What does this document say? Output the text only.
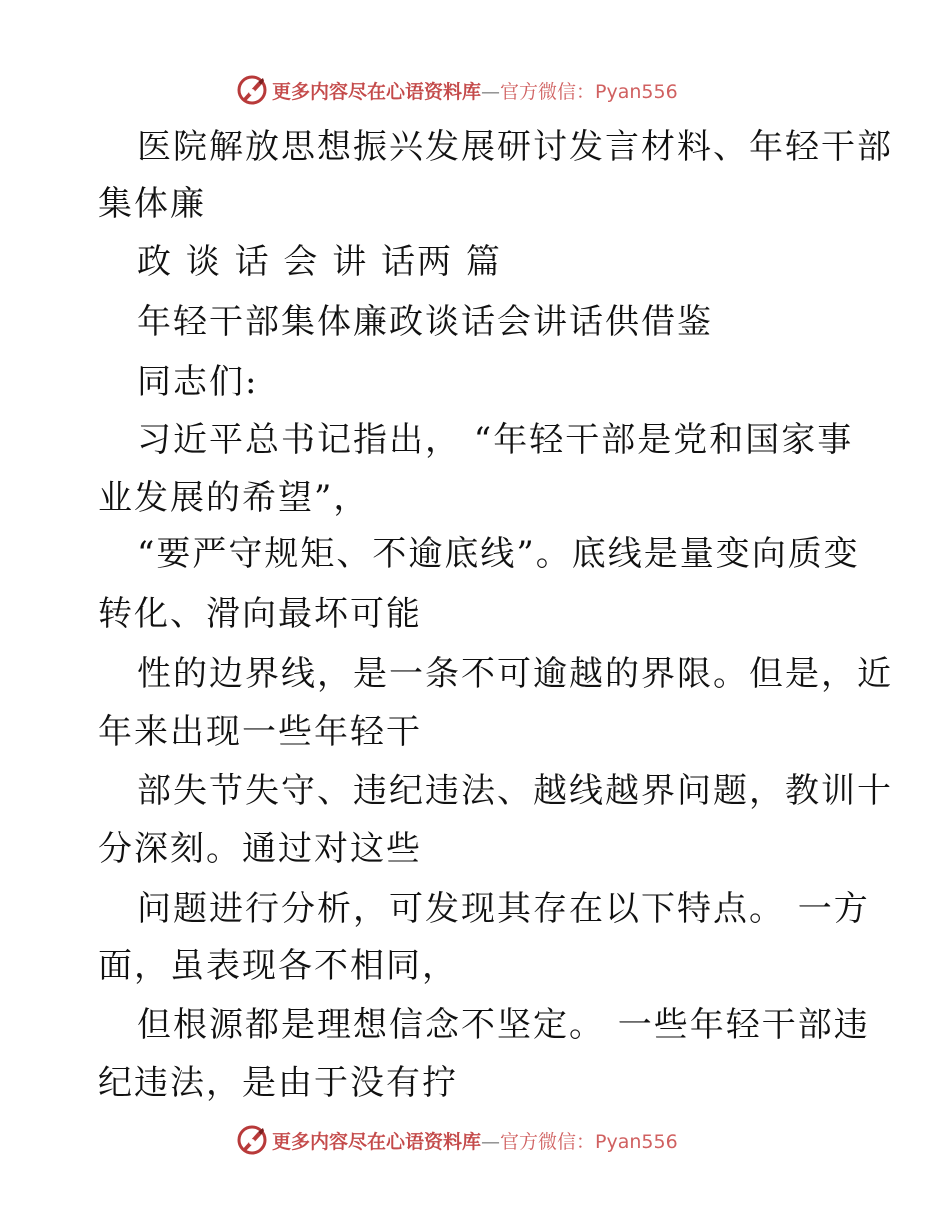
更多内容尽在心语资料库—官方微信：Pyan556
医院解放思想振兴发展研讨发言材料、年轻干部
集体廉
政 谈 话 会 讲 话两 篇
年轻干部集体廉政谈话会讲话供借鉴
同志们:
习近平总书记指出， “年轻干部是党和国家事
业发展的希望”，
“要严守规矩、不逾底线”。底线是量变向质变
转化、滑向最坏可能
性的边界线，是一条不可逾越的界限。但是，近
年来出现一些年轻干
部失节失守、违纪违法、越线越界问题，教训十
分深刻。通过对这些
问题进行分析，可发现其存在以下特点。 一方
面，虽表现各不相同，
但根源都是理想信念不坚定。 一些年轻干部违
纪违法，是由于没有拧
更多内容尽在心语资料库—官方微信：Pyan556
